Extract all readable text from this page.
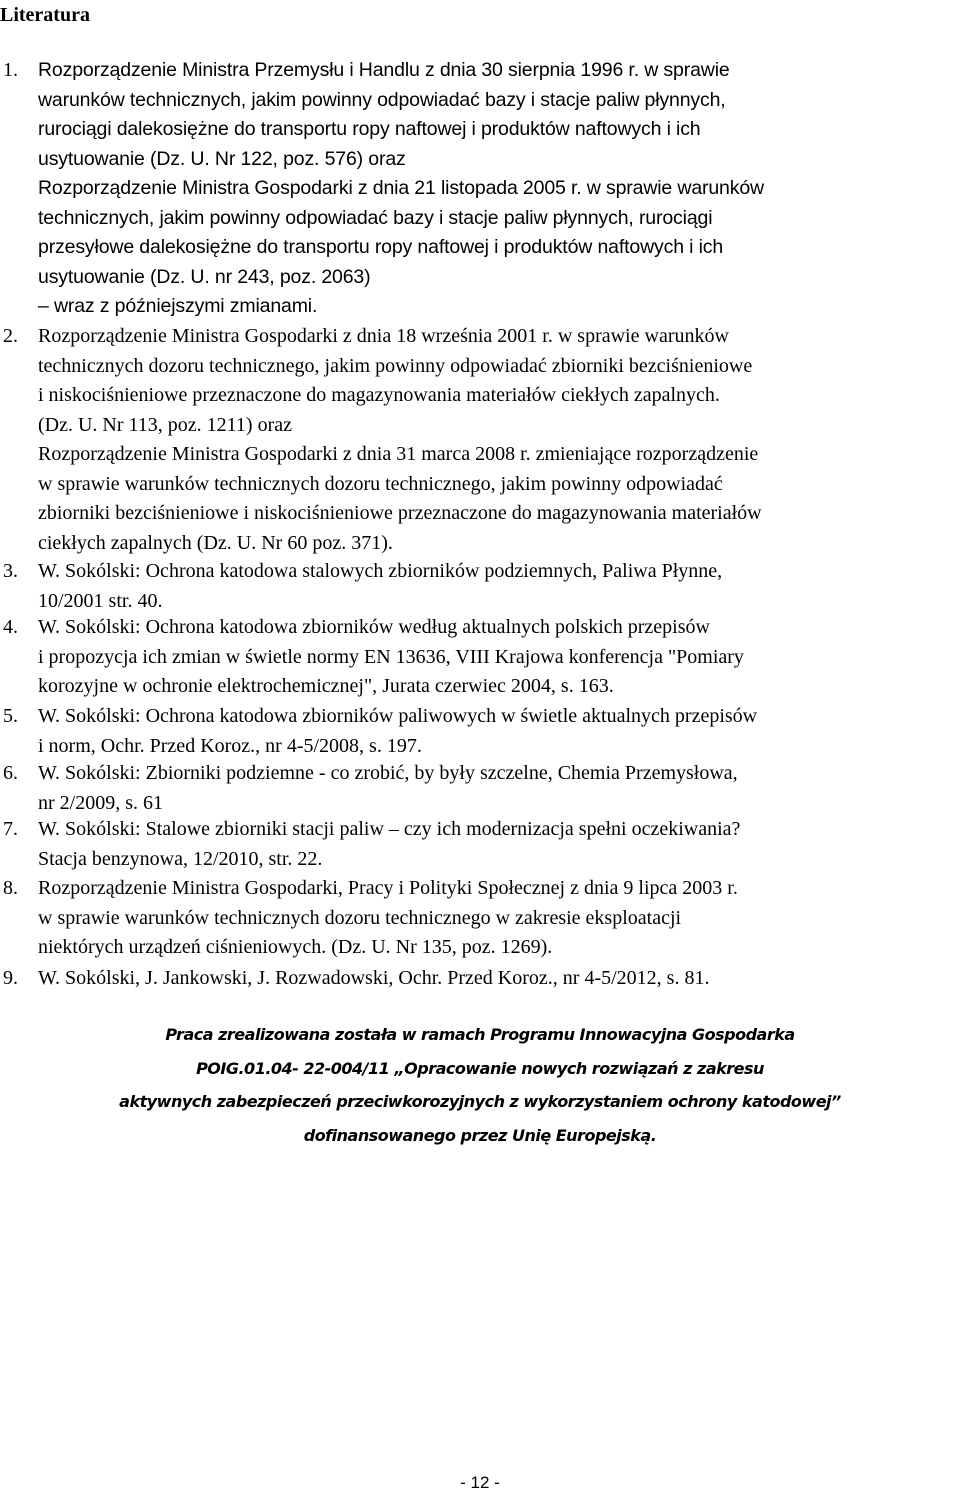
Literatura
1. Rozporządzenie Ministra Przemysłu i Handlu z dnia 30 sierpnia 1996 r. w sprawie
warunków technicznych, jakim powinny odpowiadać bazy i stacje paliw płynnych,
rurociągi dalekosiężne do transportu ropy naftowej i produktów naftowych i ich
usytuowanie (Dz. U. Nr 122, poz. 576) oraz
Rozporządzenie Ministra Gospodarki z dnia 21 listopada 2005 r. w sprawie warunków
technicznych, jakim powinny odpowiadać bazy i stacje paliw płynnych, rurociągi
przesyłowe dalekosiężne do transportu ropy naftowej i produktów naftowych i ich
usytuowanie (Dz. U. nr 243, poz. 2063)
– wraz z późniejszymi zmianami.
2. Rozporządzenie Ministra Gospodarki z dnia 18 września 2001 r. w sprawie warunków
technicznych dozoru technicznego, jakim powinny odpowiadać zbiorniki bezciśnieniowe
i niskociśnieniowe przeznaczone do magazynowania materiałów ciekłych zapalnych.
(Dz. U. Nr 113, poz. 1211) oraz
Rozporządzenie Ministra Gospodarki z dnia 31 marca 2008 r. zmieniające rozporządzenie
w sprawie warunków technicznych dozoru technicznego, jakim powinny odpowiadać
zbiorniki bezciśnieniowe i niskociśnieniowe przeznaczone do magazynowania materiałów
ciekłych zapalnych (Dz. U. Nr 60 poz. 371).
3. W. Sokólski: Ochrona katodowa stalowych zbiorników podziemnych, Paliwa Płynne,
10/2001 str. 40.
4. W. Sokólski: Ochrona katodowa zbiorników według aktualnych polskich przepisów
i propozycja ich zmian w świetle normy EN 13636, VIII Krajowa konferencja "Pomiary
korozyjne w ochronie elektrochemicznej", Jurata czerwiec 2004, s. 163.
5. W. Sokólski: Ochrona katodowa zbiorników paliwowych w świetle aktualnych przepisów
i norm, Ochr. Przed Koroz., nr 4-5/2008, s. 197.
6. W. Sokólski: Zbiorniki podziemne - co zrobić, by były szczelne, Chemia Przemysłowa,
nr 2/2009, s. 61
7. W. Sokólski: Stalowe zbiorniki stacji paliw – czy ich modernizacja spełni oczekiwania?
Stacja benzynowa, 12/2010, str. 22.
8. Rozporządzenie Ministra Gospodarki, Pracy i Polityki Społecznej z dnia 9 lipca 2003 r.
w sprawie warunków technicznych dozoru technicznego w zakresie eksploatacji
niektórych urządzeń ciśnieniowych. (Dz. U. Nr 135, poz. 1269).
9. W. Sokólski, J. Jankowski, J. Rozwadowski, Ochr. Przed Koroz., nr 4-5/2012, s. 81.
Praca zrealizowana została w ramach Programu Innowacyjna Gospodarka
POIG.01.04- 22-004/11 „Opracowanie nowych rozwiązań z zakresu
aktywnych zabezpieczeń przeciwkorozyjnych z wykorzystaniem ochrony katodowej”
dofinansowanego przez Unię Europejską.
- 12 -
